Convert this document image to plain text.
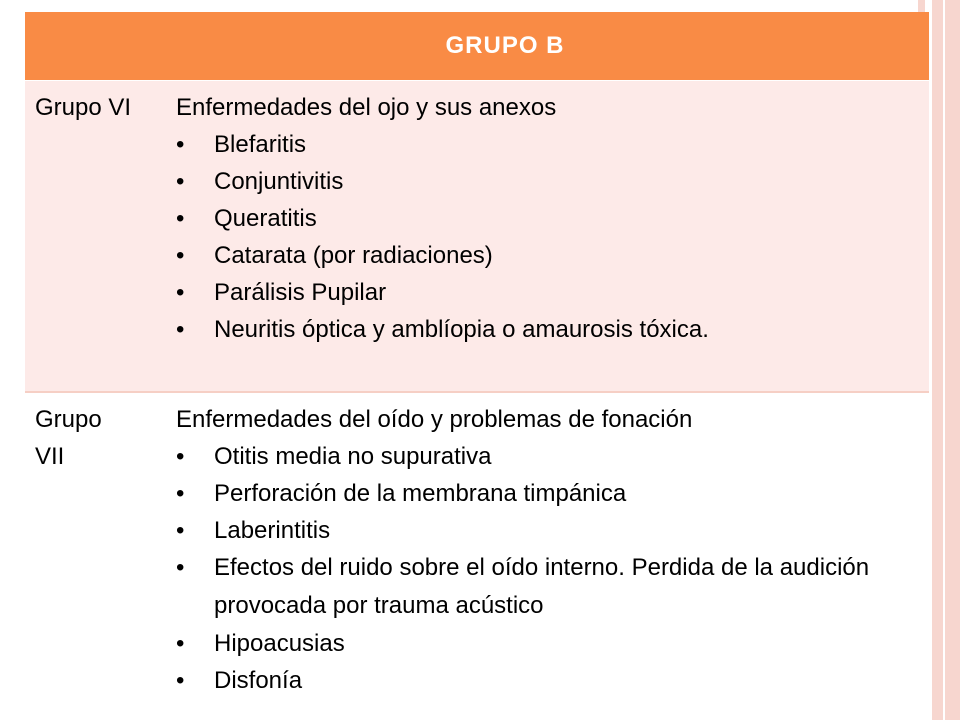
GRUPO B
Grupo VI Enfermedades del ojo y sus anexos
• Blefaritis
• Conjuntivitis
• Queratitis
• Catarata (por radiaciones)
• Parálisis Pupilar
• Neuritis óptica y amblíopia o amaurosis tóxica.
Grupo
VII
Enfermedades del oído y problemas de fonación
• Otitis media no supurativa
• Perforación de la membrana timpánica
• Laberintitis
• Efectos del ruido sobre el oído interno. Perdida de la audición provocada por trauma acústico
• Hipoacusias
• Disfonía
